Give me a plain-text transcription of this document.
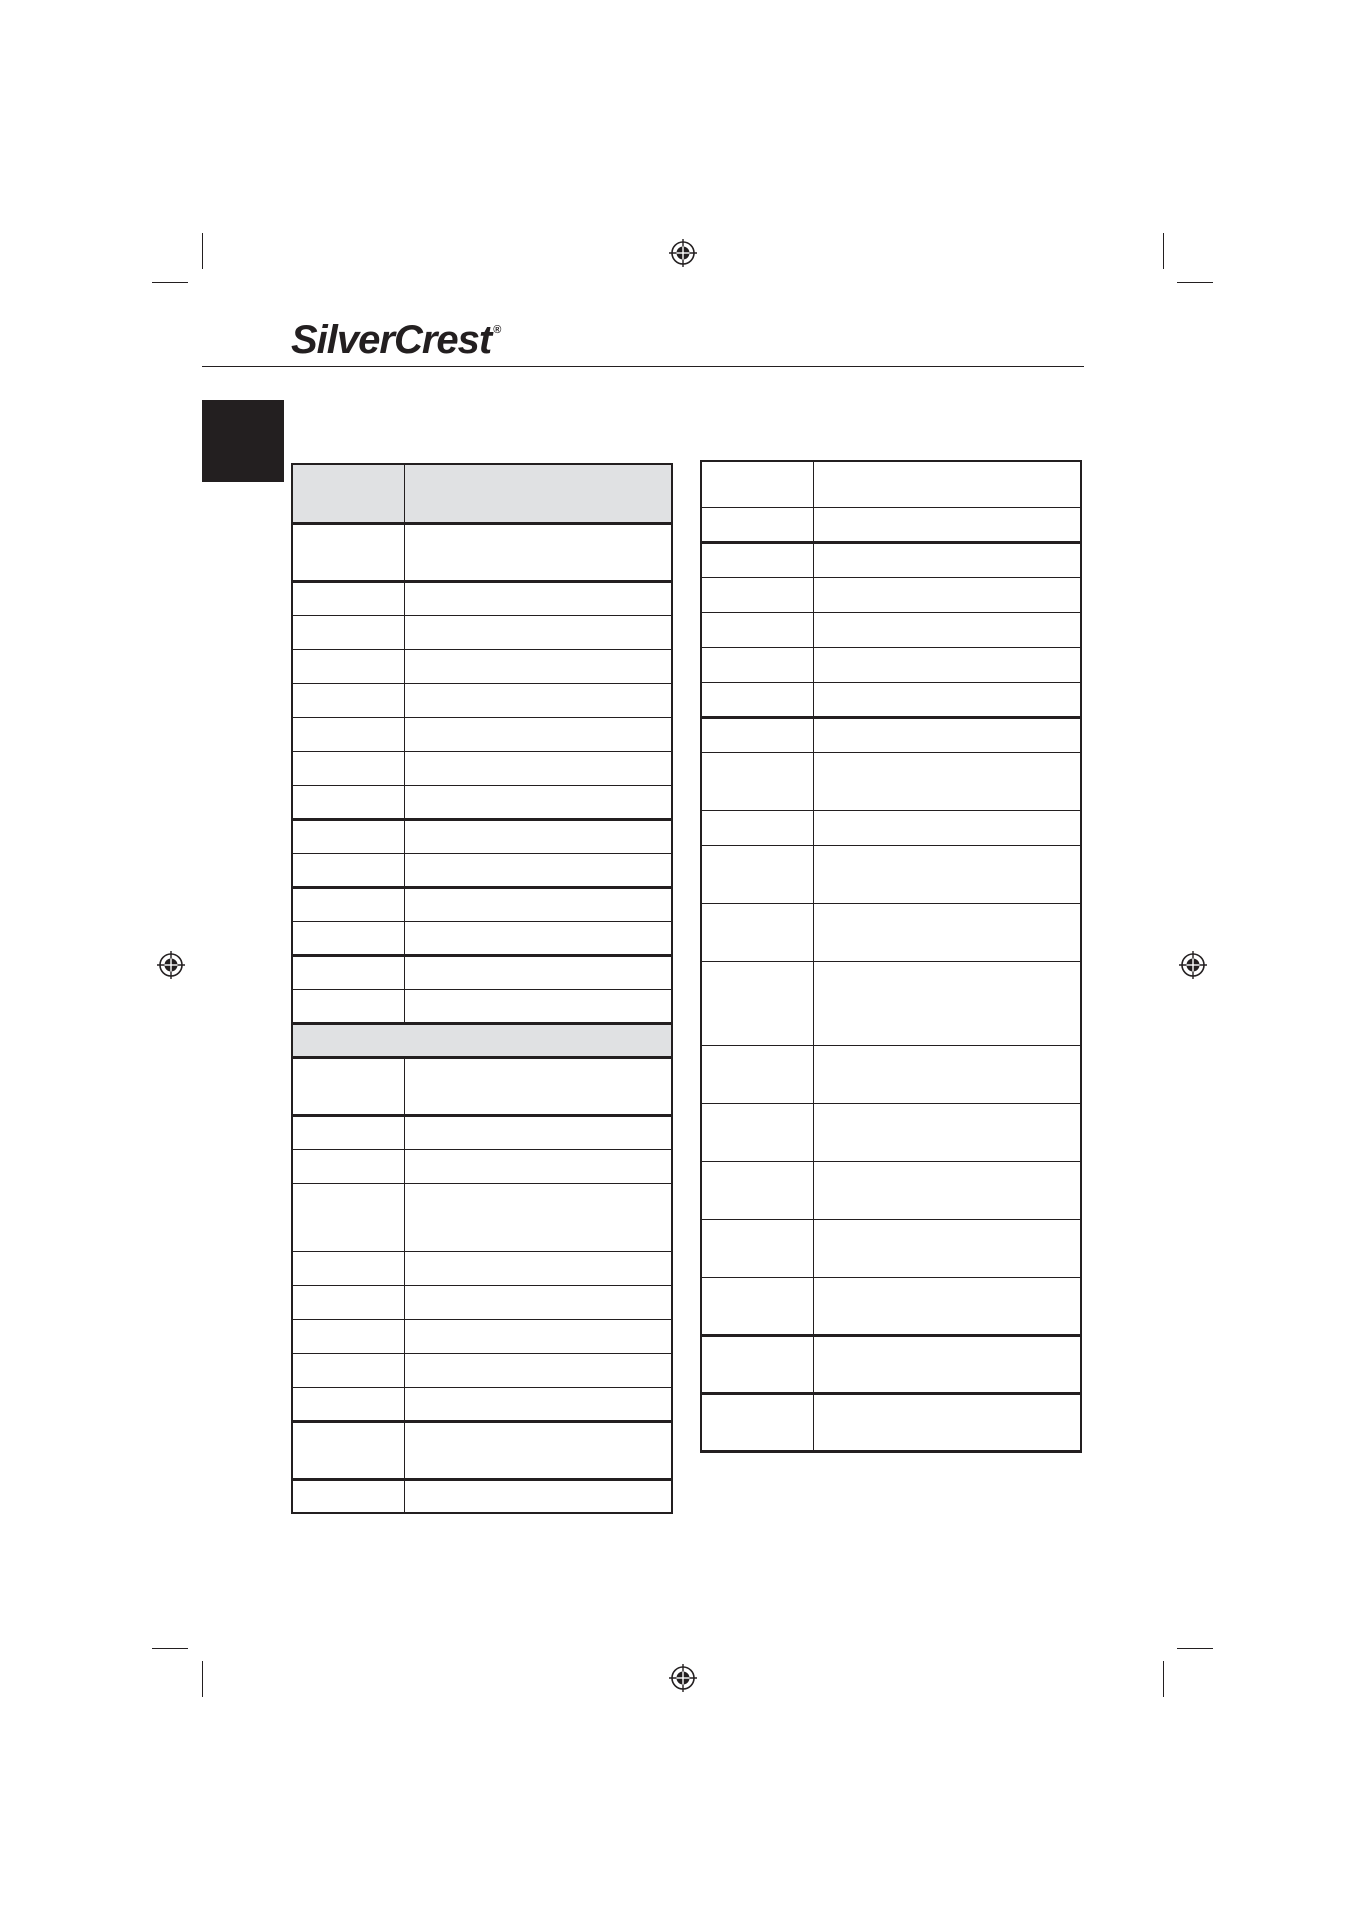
SilverCrest ®
